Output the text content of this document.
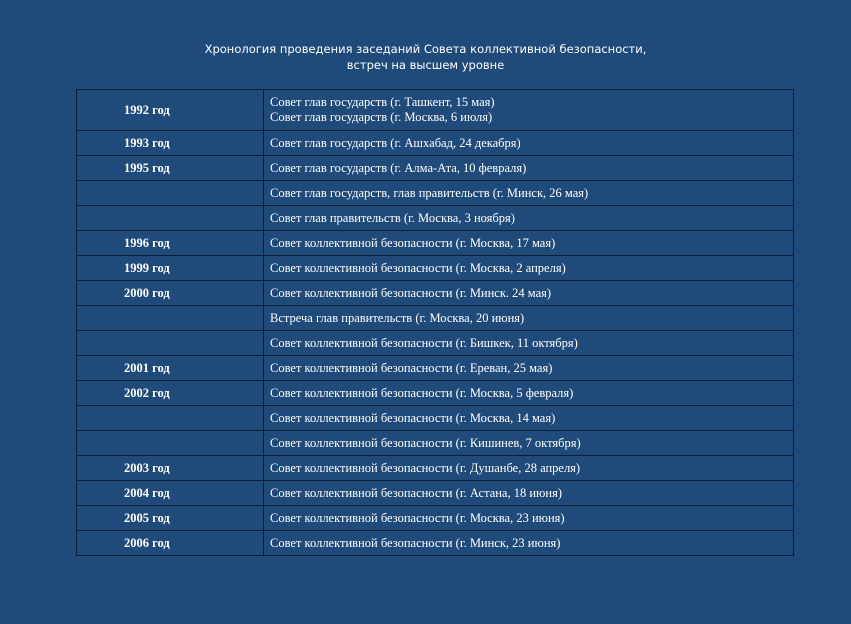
Хронология проведения заседаний Совета коллективной безопасности,
встреч на высшем уровне
1992 год	Совет глав государств (г. Ташкент, 15 мая)
Совет глав государств (г. Москва, 6 июля)

1993 год	Совет глав государств (г. Ашхабад, 24 декабря)
1995 год	Совет глав государств (г. Алма-Ата, 10 февраля)
	Совет глав государств, глав правительств (г. Минск, 26 мая)
	Совет глав правительств (г. Москва, 3 ноября)
1996 год	Совет коллективной безопасности (г. Москва, 17 мая)
1999 год	Совет коллективной безопасности (г. Москва, 2 апреля)
2000 год	Совет коллективной безопасности (г. Минск. 24 мая)
	Встреча глав правительств (г. Москва, 20 июня)
	Совет коллективной безопасности (г. Бишкек, 11 октября)
2001 год	Совет коллективной безопасности (г. Ереван, 25 мая)
2002 год	Совет коллективной безопасности (г. Москва, 5 февраля)
	Совет коллективной безопасности (г. Москва, 14 мая)
	Совет коллективной безопасности (г. Кишинев, 7 октября)
2003 год	Совет коллективной безопасности (г. Душанбе, 28 апреля)
2004 год	Совет коллективной безопасности (г. Астана, 18 июня)
2005 год	Совет коллективной безопасности (г. Москва, 23 июня)
2006 год	Совет коллективной безопасности (г. Минск, 23 июня)
